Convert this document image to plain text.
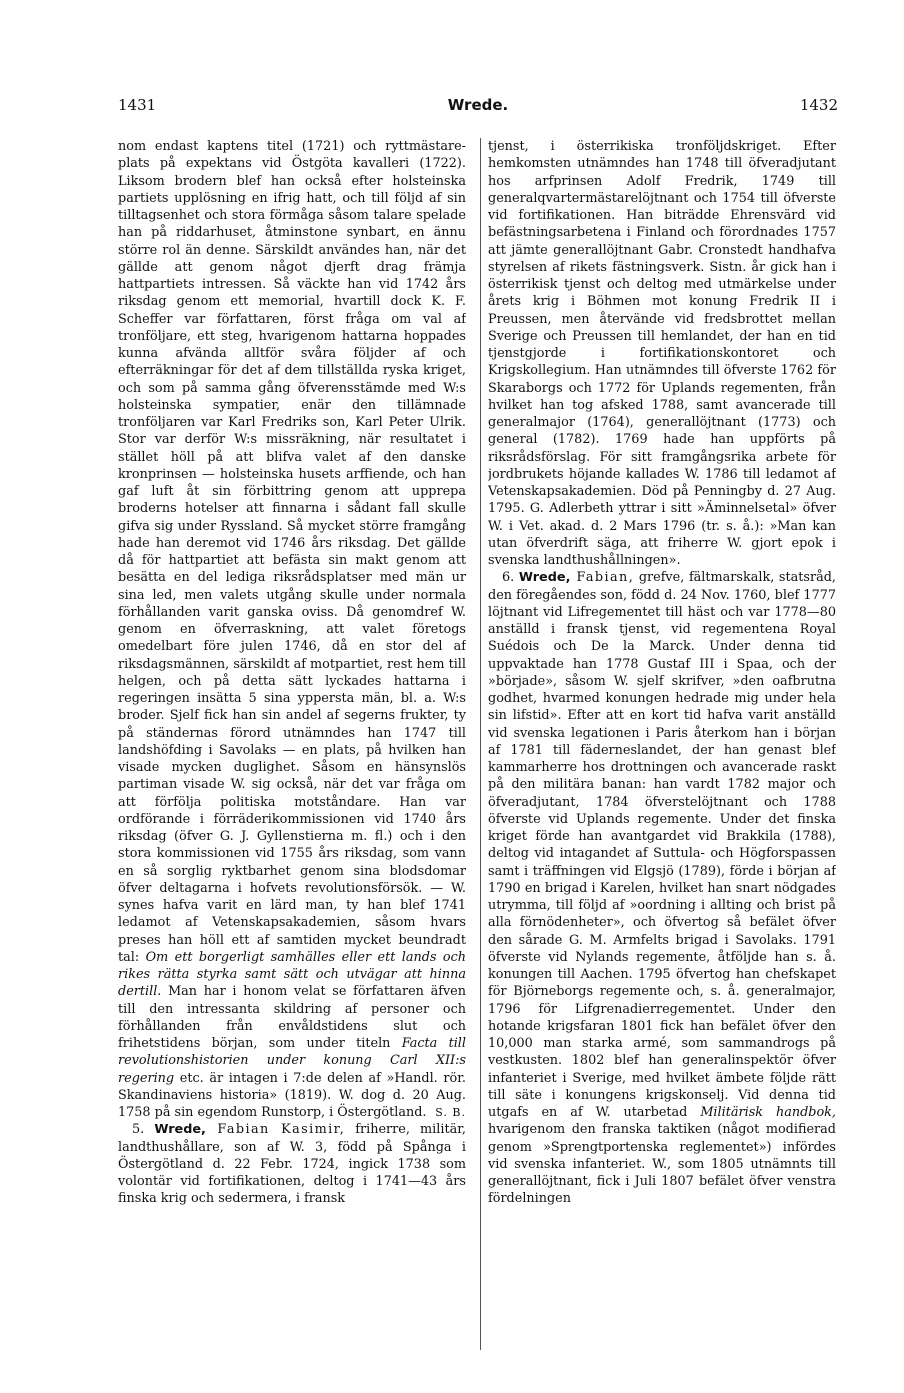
1431	Wrede.	1432

nom endast kaptens titel (1721) och ryttmästare-plats på expektans vid Östgöta kavalleri (1722). Liksom brodern blef han också efter holsteinska partiets upplösning en ifrig hatt, och till följd af sin tilltagsenhet och stora förmåga såsom talare spelade han på riddarhuset, åtminstone synbart, en ännu större rol än denne. Särskildt användes han, när det gällde att genom något djerft drag främja hattpartiets intressen. Så väckte han vid 1742 års riksdag genom ett memorial, hvartill dock K. F. Scheffer var författaren, först fråga om val af tronföljare, ett steg, hvarigenom hattarna hoppades kunna afvända alltför svåra följder af och efterräkningar för det af dem tillställda ryska kriget, och som på samma gång öfverensstämde med W:s holsteinska sympatier, enär den tillämnade tronföljaren var Karl Fredriks son, Karl Peter Ulrik. Stor var derför W:s missräkning, när resultatet i stället höll på att blifva valet af den danske kronprinsen — holsteinska husets arffiende, och han gaf luft åt sin förbittring genom att upprepa broderns hotelser att finnarna i sådant fall skulle gifva sig under Ryssland. Så mycket större framgång hade han deremot vid 1746 års riksdag. Det gällde då för hattpartiet att befästa sin makt genom att besätta en del lediga riksrådsplatser med män ur sina led, men valets utgång skulle under normala förhållanden varit ganska oviss. Då genomdref W. genom en öfverraskning, att valet företogs omedelbart före julen 1746, då en stor del af riksdagsmännen, särskildt af motpartiet, rest hem till helgen, och på detta sätt lyckades hattarna i regeringen insätta 5 sina yppersta män, bl. a. W:s broder. Sjelf fick han sin andel af segerns frukter, ty på ständernas förord utnämndes han 1747 till landshöfding i Savolaks — en plats, på hvilken han visade mycken duglighet. Såsom en hänsynslös partiman visade W. sig också, när det var fråga om att förfölja politiska motståndare. Han var ordförande i förräderikommissionen vid 1740 års riksdag (öfver G. J. Gyllenstierna m. fl.) och i den stora kommissionen vid 1755 års riksdag, som vann en så sorglig ryktbarhet genom sina blodsdomar öfver deltagarna i hofvets revolutionsförsök. — W. synes hafva varit en lärd man, ty han blef 1741 ledamot af Vetenskapsakademien, såsom hvars preses han höll ett af samtiden mycket beundradt tal: Om ett borgerligt samhälles eller ett lands och rikes rätta styrka samt sätt och utvägar att hinna dertill. Man har i honom velat se författaren äfven till den intressanta skildring af personer och förhållanden från envåldstidens slut och frihetstidens början, som under titeln Facta till revolutionshistorien under konung Carl XII:s regering etc. är intagen i 7:de delen af »Handl. rör. Skandinaviens historia» (1819). W. dog d. 20 Aug. 1758 på sin egendom Runstorp, i Östergötland. S. B.

5. Wrede, Fabian Kasimir, friherre, militär, landthushållare, son af W. 3, född på Spånga i Östergötland d. 22 Febr. 1724, ingick 1738 som volontär vid fortifikationen, deltog i 1741—43 års finska krig och sedermera, i fransk

tjenst, i österrikiska tronföljdskriget. Efter hemkomsten utnämndes han 1748 till öfveradjutant hos arfprinsen Adolf Fredrik, 1749 till generalqvartermästarelöjtnant och 1754 till öfverste vid fortifikationen. Han biträdde Ehrensvärd vid befästningsarbetena i Finland och förordnades 1757 att jämte generallöjtnant Gabr. Cronstedt handhafva styrelsen af rikets fästningsverk. Sistn. år gick han i österrikisk tjenst och deltog med utmärkelse under årets krig i Böhmen mot konung Fredrik II i Preussen, men återvände vid fredsbrottet mellan Sverige och Preussen till hemlandet, der han en tid tjenstgjorde i fortifikationskontoret och Krigskollegium. Han utnämndes till öfverste 1762 för Skaraborgs och 1772 för Uplands regementen, från hvilket han tog afsked 1788, samt avancerade till generalmajor (1764), generallöjtnant (1773) och general (1782). 1769 hade han uppförts på riksrådsförslag. För sitt framgångsrika arbete för jordbrukets höjande kallades W. 1786 till ledamot af Vetenskapsakademien. Död på Penningby d. 27 Aug. 1795. G. Adlerbeth yttrar i sitt »Äminnelsetal» öfver W. i Vet. akad. d. 2 Mars 1796 (tr. s. å.): »Man kan utan öfverdrift säga, att friherre W. gjort epok i svenska landthushållningen».

6. Wrede, Fabian, grefve, fältmarskalk, statsråd, den föregåendes son, född d. 24 Nov. 1760, blef 1777 löjtnant vid Lifregementet till häst och var 1778—80 anställd i fransk tjenst, vid regementena Royal Suédois och De la Marck. Under denna tid uppvaktade han 1778 Gustaf III i Spaa, och der »började», såsom W. sjelf skrifver, »den oafbrutna godhet, hvarmed konungen hedrade mig under hela sin lifstid». Efter att en kort tid hafva varit anställd vid svenska legationen i Paris återkom han i början af 1781 till fäderneslandet, der han genast blef kammarherre hos drottningen och avancerade raskt på den militära banan: han vardt 1782 major och öfveradjutant, 1784 öfverstelöjtnant och 1788 öfverste vid Uplands regemente. Under det finska kriget förde han avantgardet vid Brakkila (1788), deltog vid intagandet af Suttula- och Högforspassen samt i träffningen vid Elgsjö (1789), förde i början af 1790 en brigad i Karelen, hvilket han snart nödgades utrymma, till följd af »oordning i allting och brist på alla förnödenheter», och öfvertog så befälet öfver den sårade G. M. Armfelts brigad i Savolaks. 1791 öfverste vid Nylands regemente, åtföljde han s. å. konungen till Aachen. 1795 öfvertog han chefskapet för Björneborgs regemente och, s. å. generalmajor, 1796 för Lifgrenadierregementet. Under den hotande krigsfaran 1801 fick han befälet öfver den 10,000 man starka armé, som sammandrogs på vestkusten. 1802 blef han generalinspektör öfver infanteriet i Sverige, med hvilket ämbete följde rätt till säte i konungens krigskonselj. Vid denna tid utgafs en af W. utarbetad Militärisk handbok, hvarigenom den franska taktiken (något modifierad genom »Sprengtportenska reglementet») infördes vid svenska infanteriet. W., som 1805 utnämnts till generallöjtnant, fick i Juli 1807 befälet öfver venstra fördelningen
